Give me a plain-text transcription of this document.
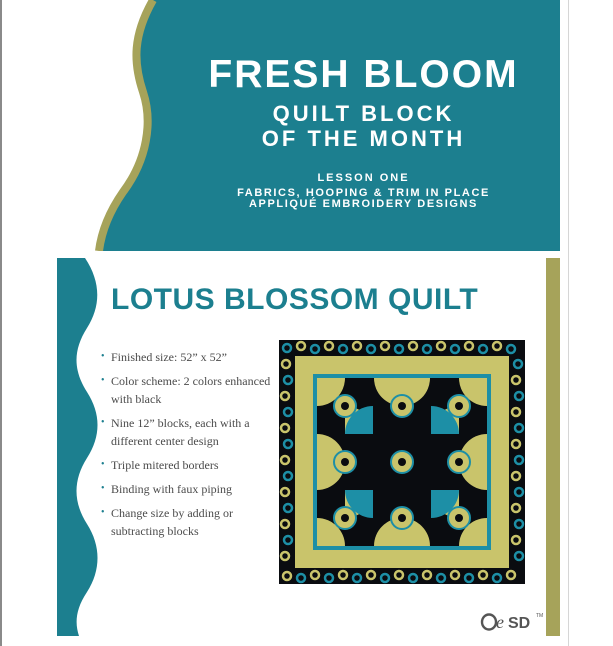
FRESH BLOOM
QUILT BLOCK
OF THE MONTH
LESSON ONE
FABRICS, HOOPING & TRIM IN PLACE
APPLIQUÉ EMBROIDERY DESIGNS
LOTUS BLOSSOM QUILT
• Finished size: 52” x 52”
• Color scheme: 2 colors enhanced with black
• Nine 12” blocks, each with a different center design
• Triple mitered borders
• Binding with faux piping
• Change size by adding or subtracting blocks
e SD TM
